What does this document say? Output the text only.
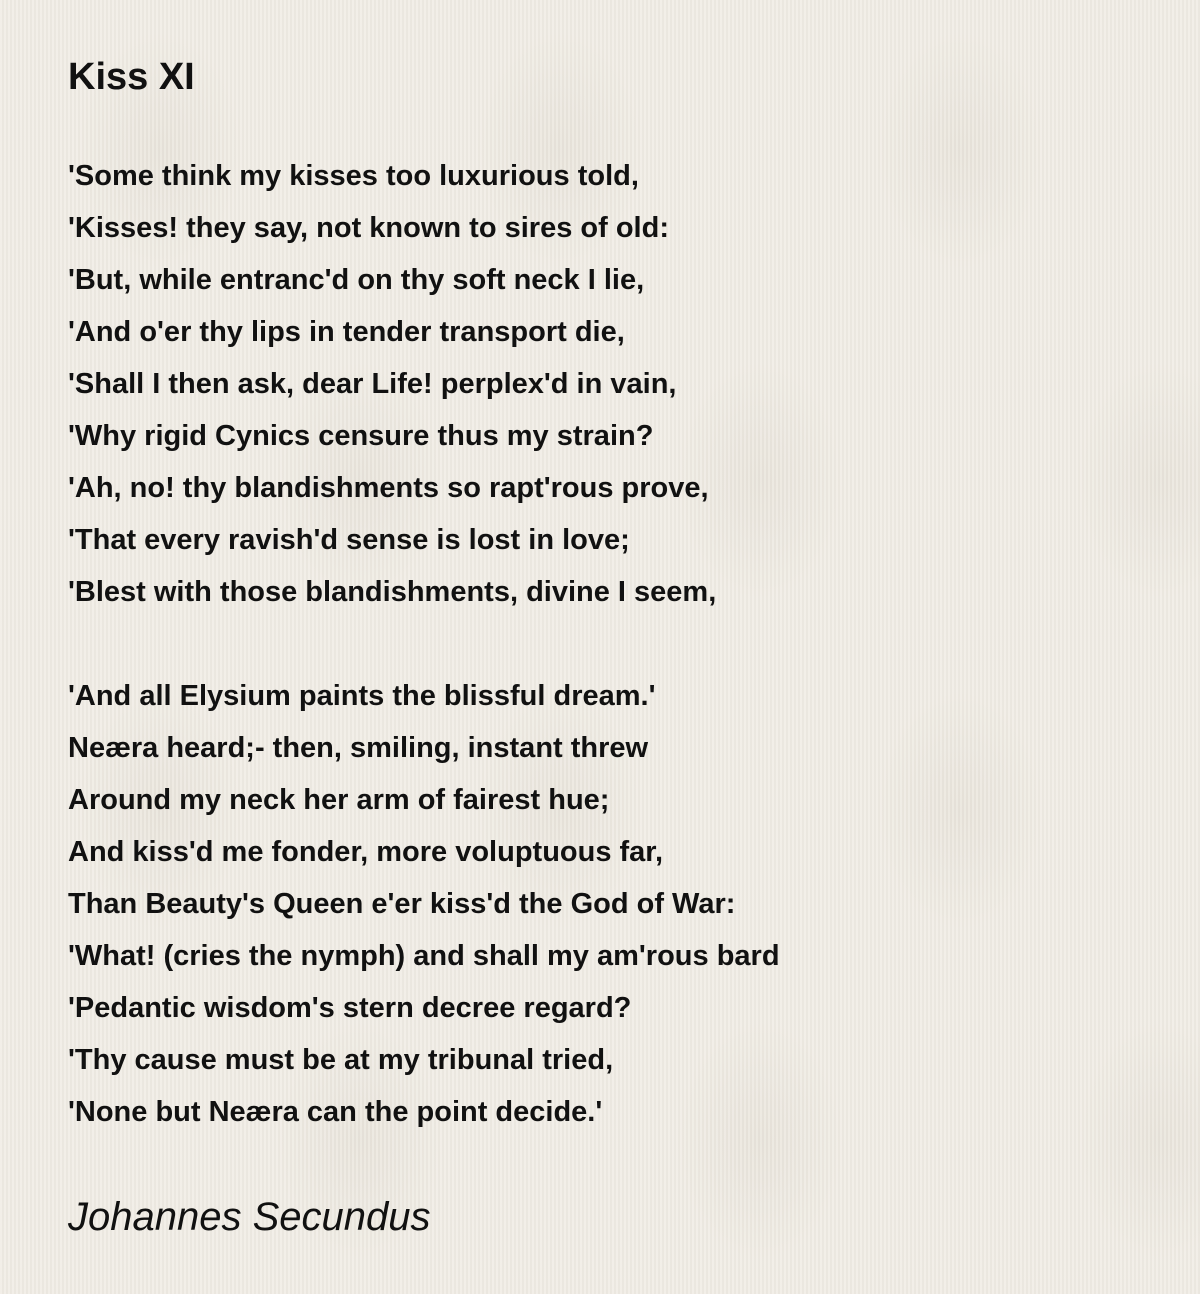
Kiss XI
'Some think my kisses too luxurious told,
'Kisses! they say, not known to sires of old:
'But, while entranc'd on thy soft neck I lie,
'And o'er thy lips in tender transport die,
'Shall I then ask, dear Life! perplex'd in vain,
'Why rigid Cynics censure thus my strain?
'Ah, no! thy blandishments so rapt'rous prove,
'That every ravish'd sense is lost in love;
'Blest with those blandishments, divine I seem,
'And all Elysium paints the blissful dream.'
Neæra heard;- then, smiling, instant threw
Around my neck her arm of fairest hue;
And kiss'd me fonder, more voluptuous far,
Than Beauty's Queen e'er kiss'd the God of War:
'What! (cries the nymph) and shall my am'rous bard
'Pedantic wisdom's stern decree regard?
'Thy cause must be at my tribunal tried,
'None but Neæra can the point decide.'

Johannes Secundus
